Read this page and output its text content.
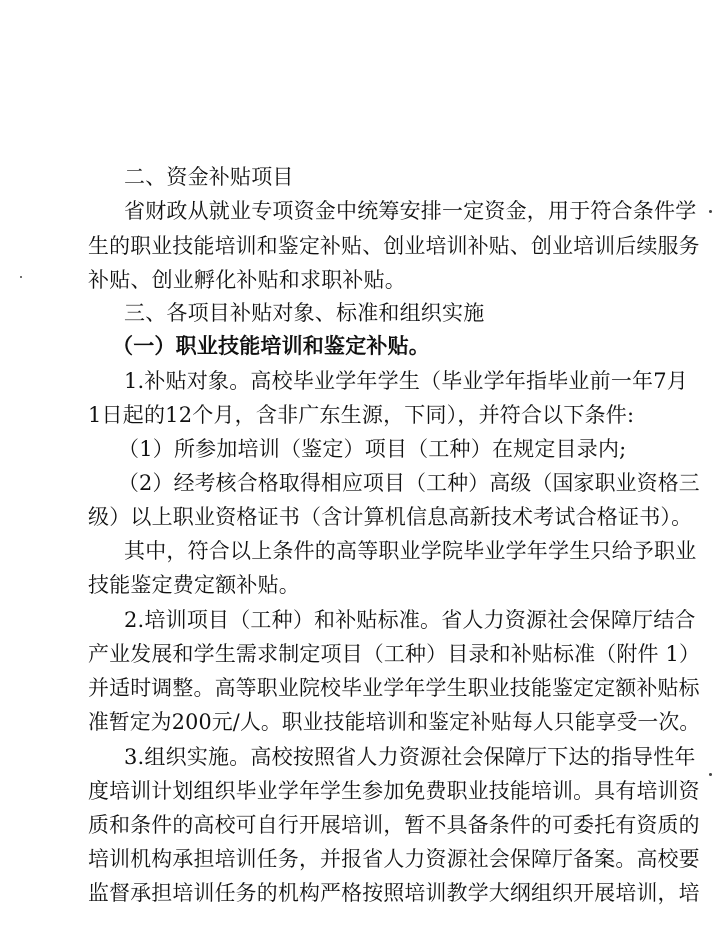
二、资金补贴项目
省财政从就业专项资金中统筹安排一定资金，用于符合条件学
生的职业技能培训和鉴定补贴、创业培训补贴、创业培训后续服务
补贴、创业孵化补贴和求职补贴。
三、各项目补贴对象、标准和组织实施
（一）职业技能培训和鉴定补贴。
1.补贴对象。高校毕业学年学生（毕业学年指毕业前一年7月
1日起的12个月，含非广东生源，下同），并符合以下条件:
（1）所参加培训（鉴定）项目（工种）在规定目录内;
（2）经考核合格取得相应项目（工种）高级（国家职业资格三
级）以上职业资格证书（含计算机信息高新技术考试合格证书）。
其中，符合以上条件的高等职业学院毕业学年学生只给予职业
技能鉴定费定额补贴。
2.培训项目（工种）和补贴标准。省人力资源社会保障厅结合
产业发展和学生需求制定项目（工种）目录和补贴标准（附件 1）
并适时调整。高等职业院校毕业学年学生职业技能鉴定定额补贴标
准暂定为200元/人。职业技能培训和鉴定补贴每人只能享受一次。
3.组织实施。高校按照省人力资源社会保障厅下达的指导性年
度培训计划组织毕业学年学生参加免费职业技能培训。具有培训资
质和条件的高校可自行开展培训，暂不具备条件的可委托有资质的
培训机构承担培训任务，并报省人力资源社会保障厅备案。高校要
监督承担培训任务的机构严格按照培训教学大纲组织开展培训，培
